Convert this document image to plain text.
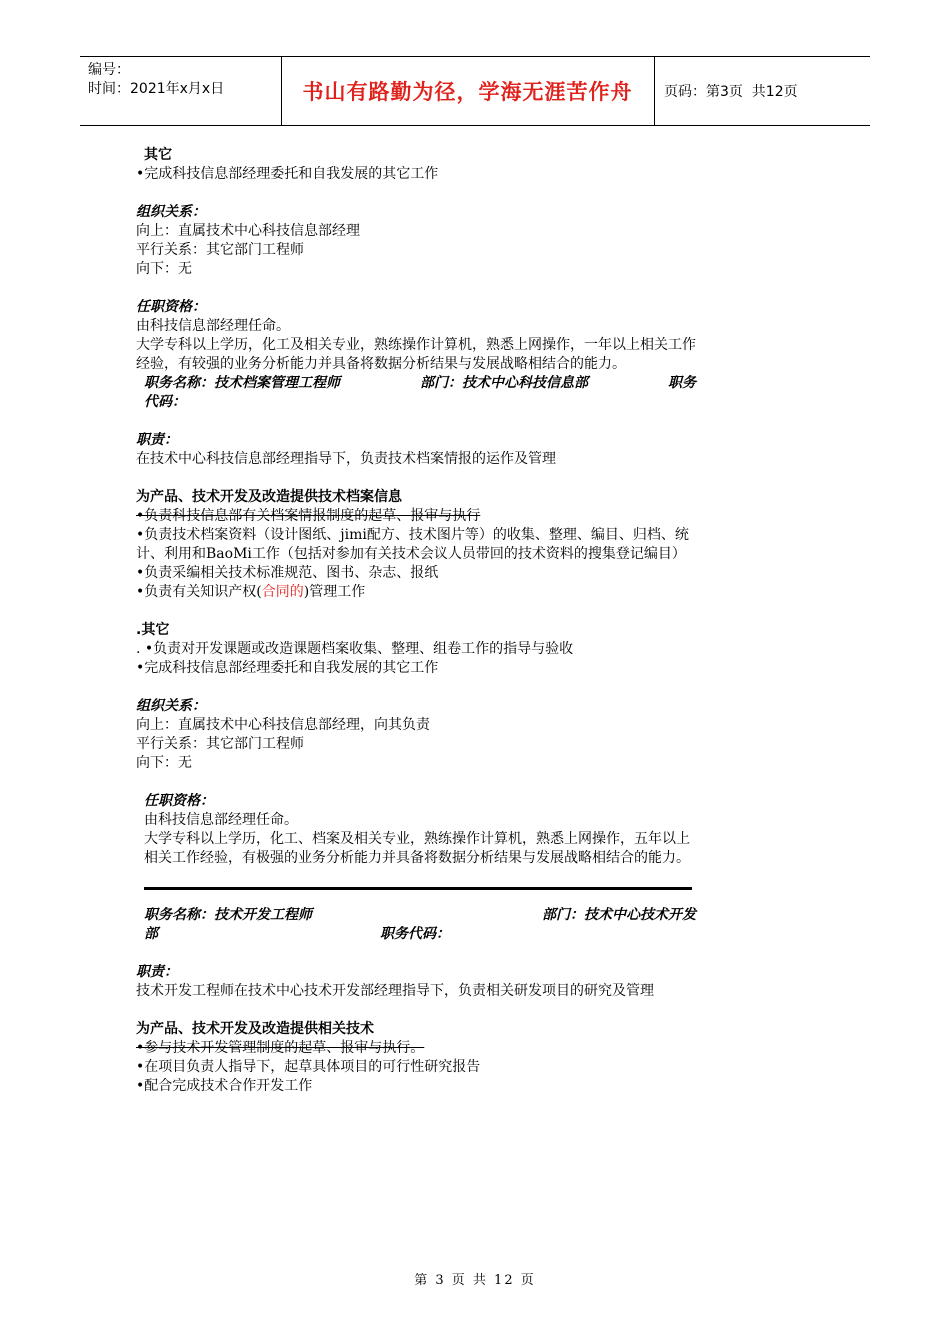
编号：
时间：2021年x月x日	书山有路勤为径，学海无涯苦作舟	页码：第3页  共12页

其它

•完成科技信息部经理委托和自我发展的其它工作

组织关系：

向上：直属技术中心科技信息部经理

平行关系：其它部门工程师

向下：无

任职资格：

由科技信息部经理任命。

大学专科以上学历，化工及相关专业，熟练操作计算机，熟悉上网操作，一年以上相关工作经验，有较强的业务分析能力并具备将数据分析结果与发展战略相结合的能力。

职务名称：技术档案管理工程师	部门：技术中心科技信息部	职务

代码：

职责：

在技术中心科技信息部经理指导下，负责技术档案情报的运作及管理

为产品、技术开发及改造提供技术档案信息

•负责科技信息部有关档案情报制度的起草、报审与执行

•负责技术档案资料（设计图纸、jimi配方、技术图片等）的收集、整理、编目、归档、统计、利用和BaoMi工作（包括对参加有关技术会议人员带回的技术资料的搜集登记编目）

•负责采编相关技术标准规范、图书、杂志、报纸

•负责有关知识产权(合同的)管理工作

.其它

. •负责对开发课题或改造课题档案收集、整理、组卷工作的指导与验收

•完成科技信息部经理委托和自我发展的其它工作

组织关系：

向上：直属技术中心科技信息部经理，向其负责

平行关系：其它部门工程师

向下：无

任职资格：

由科技信息部经理任命。

大学专科以上学历，化工、档案及相关专业，熟练操作计算机，熟悉上网操作，五年以上相关工作经验，有极强的业务分析能力并具备将数据分析结果与发展战略相结合的能力。

职务名称：技术开发工程师	部门：技术中心技术开发
部	职务代码：

职责：

技术开发工程师在技术中心技术开发部经理指导下，负责相关研发项目的研究及管理

为产品、技术开发及改造提供相关技术

•参与技术开发管理制度的起草、报审与执行。

•在项目负责人指导下，起草具体项目的可行性研究报告

•配合完成技术合作开发工作

第 3 页 共 12 页
